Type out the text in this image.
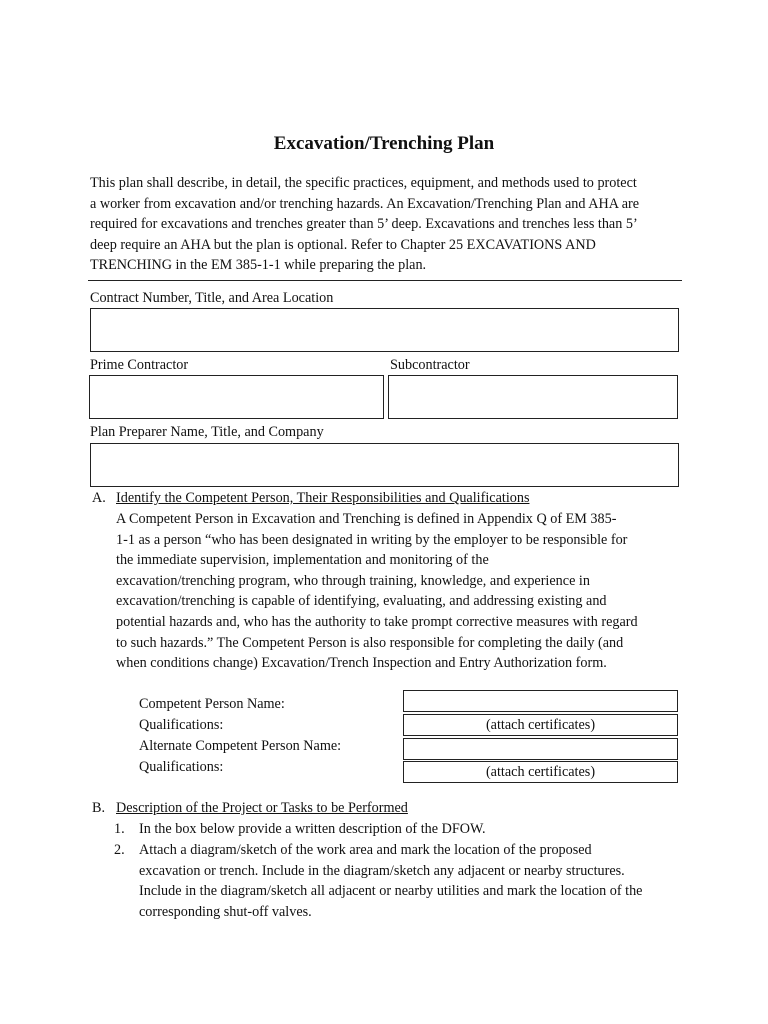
Excavation/Trenching Plan
This plan shall describe, in detail, the specific practices, equipment, and methods used to protect
a worker from excavation and/or trenching hazards. An Excavation/Trenching Plan and AHA are
required for excavations and trenches greater than 5’ deep. Excavations and trenches less than 5’
deep require an AHA but the plan is optional. Refer to Chapter 25 EXCAVATIONS AND
TRENCHING in the EM 385-1-1 while preparing the plan.
Contract Number, Title, and Area Location
Prime Contractor	Subcontractor
Plan Preparer Name, Title, and Company
A. Identify the Competent Person, Their Responsibilities and Qualifications
A Competent Person in Excavation and Trenching is defined in Appendix Q of EM 385-
1-1 as a person “who has been designated in writing by the employer to be responsible for
the immediate supervision, implementation and monitoring of the
excavation/trenching program, who through training, knowledge, and experience in
excavation/trenching is capable of identifying, evaluating, and addressing existing and
potential hazards and, who has the authority to take prompt corrective measures with regard
to such hazards.” The Competent Person is also responsible for completing the daily (and
when conditions change) Excavation/Trench Inspection and Entry Authorization form.
Competent Person Name:
Qualifications:
Alternate Competent Person Name:
Qualifications:
(attach certificates)
(attach certificates)
B. Description of the Project or Tasks to be Performed
1. In the box below provide a written description of the DFOW.
2. Attach a diagram/sketch of the work area and mark the location of the proposed
excavation or trench. Include in the diagram/sketch any adjacent or nearby structures.
Include in the diagram/sketch all adjacent or nearby utilities and mark the location of the
corresponding shut-off valves.
